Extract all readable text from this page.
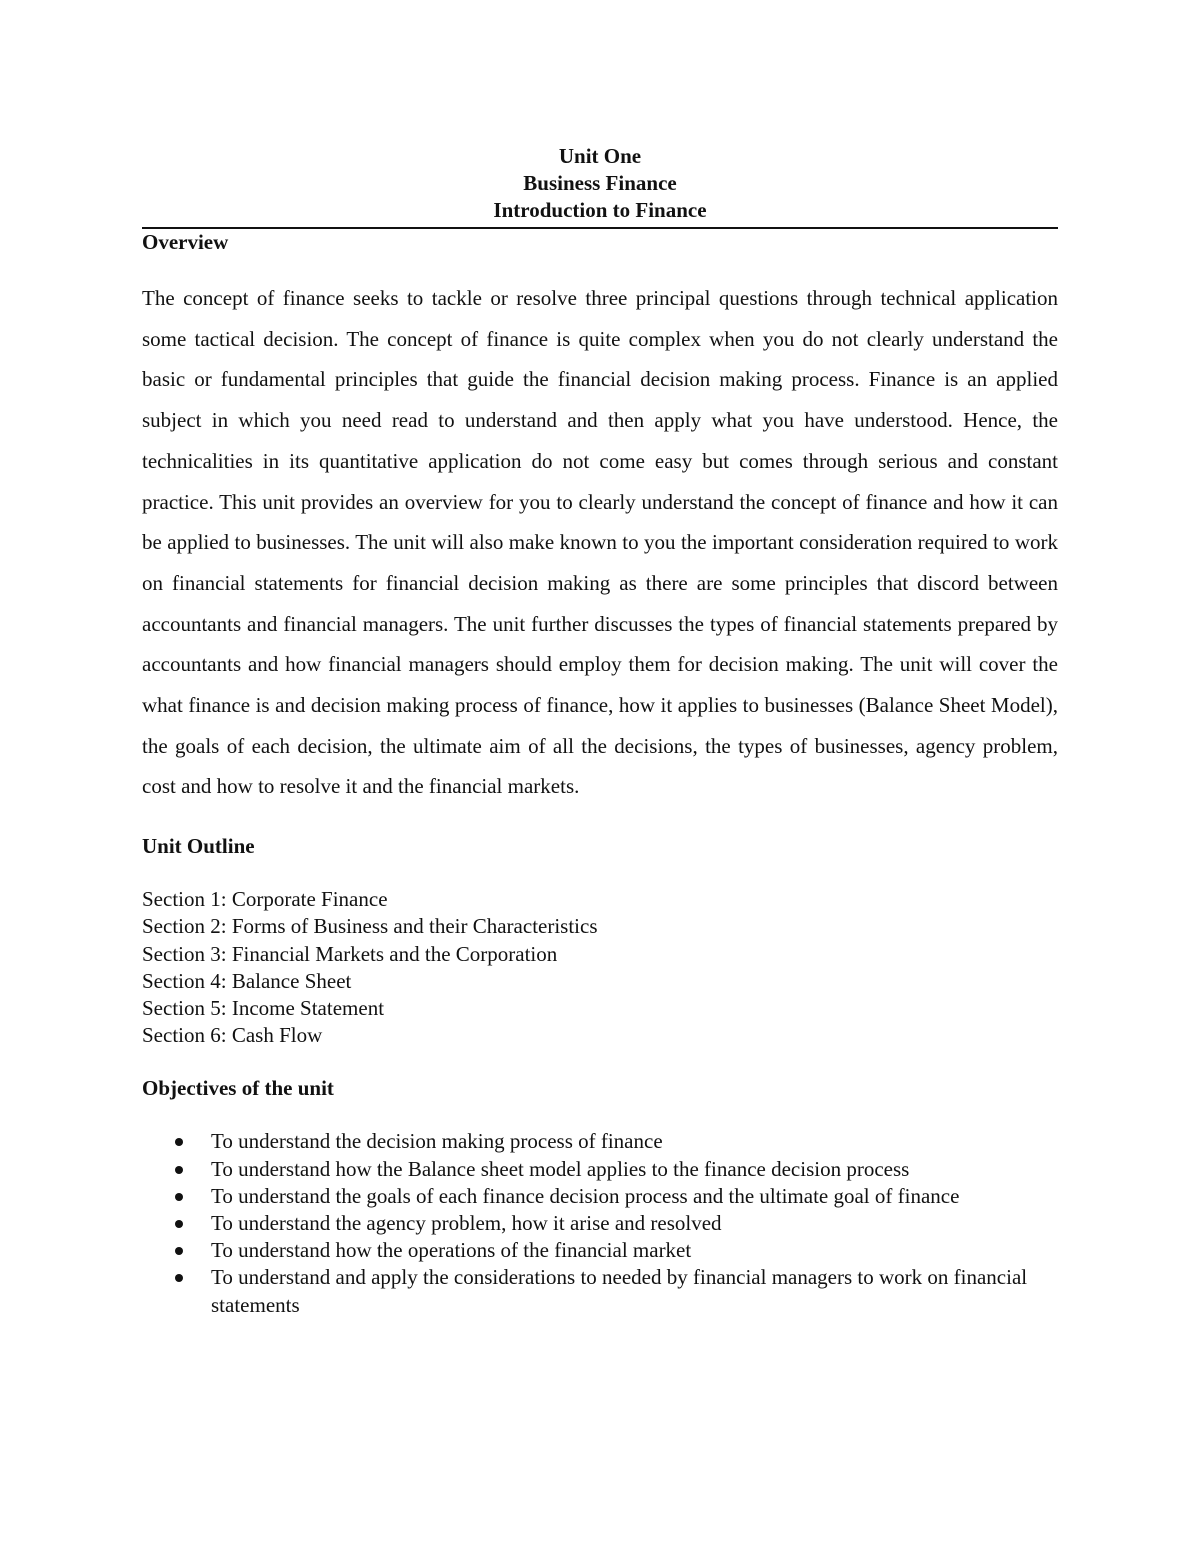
Unit One
Business Finance
Introduction to Finance
Overview

The concept of finance seeks to tackle or resolve three principal questions through technical application some tactical decision. The concept of finance is quite complex when you do not clearly understand the basic or fundamental principles that guide the financial decision making process. Finance is an applied subject in which you need read to understand and then apply what you have understood. Hence, the technicalities in its quantitative application do not come easy but comes through serious and constant practice. This unit provides an overview for you to clearly understand the concept of finance and how it can be applied to businesses. The unit will also make known to you the important consideration required to work on financial statements for financial decision making as there are some principles that discord between accountants and financial managers. The unit further discusses the types of financial statements prepared by accountants and how financial managers should employ them for decision making. The unit will cover the what finance is and decision making process of finance, how it applies to businesses (Balance Sheet Model), the goals of each decision, the ultimate aim of all the decisions, the types of businesses, agency problem, cost and how to resolve it and the financial markets.

Unit Outline
Section 1: Corporate Finance
Section 2: Forms of Business and their Characteristics
Section 3: Financial Markets and the Corporation
Section 4: Balance Sheet
Section 5: Income Statement
Section 6: Cash Flow
Objectives of the unit
To understand the decision making process of finance
To understand how the Balance sheet model applies to the finance decision process
To understand the goals of each finance decision process and the ultimate goal of finance
To understand the agency problem, how it arise and resolved
To understand how the operations of the financial market
To understand and apply the considerations to needed by financial managers to work on financial statements
